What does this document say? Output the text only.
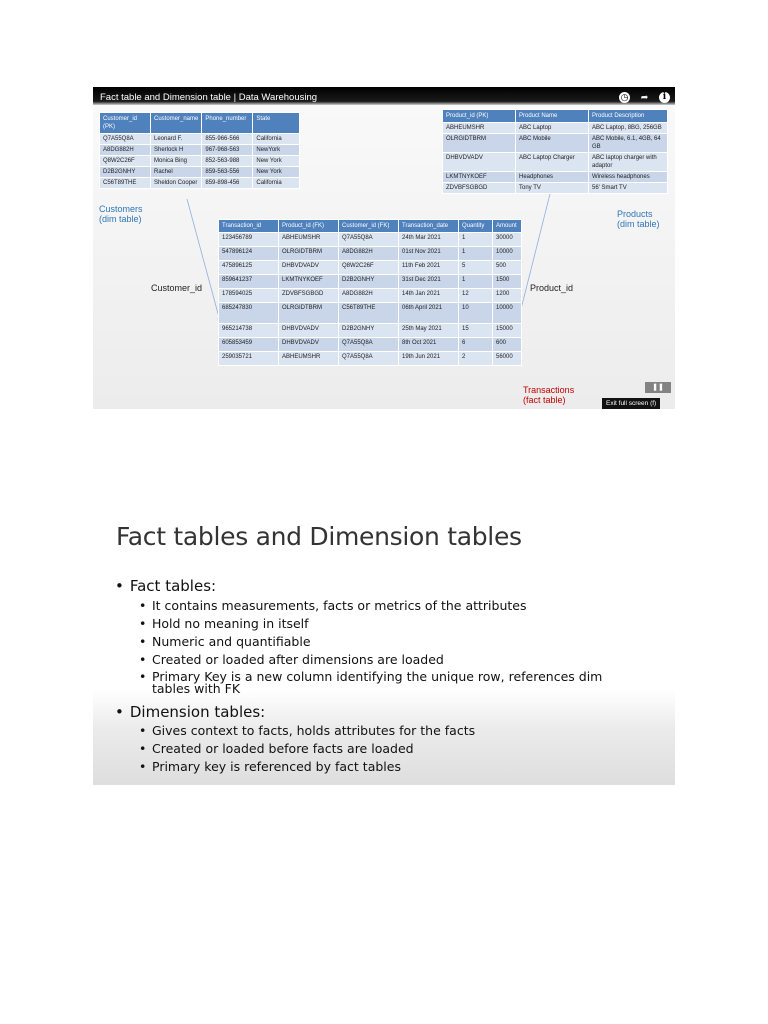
Fact table and Dimension table | Data Warehousing	◷ ➦	i
Customer_id (PK)	Customer_name	Phone_number	State
Q7A55Q8A	Leonard F.	855-966-566	California
A8DG882H	Sherlock H	967-968-563	NewYork
Q8W2C26F	Monica Bing	852-563-988	New York
D2B2GNHY	Rachel	859-563-556	New York
C56T89THE	Sheldon Cooper	859-898-456	California
Product_id (PK)	Product Name	Product Description
ABHEUMSHR	ABC Laptop	ABC Laptop, 8BG, 256GB
OLRGIDTBRM	ABC Mobile	ABC Mobile, 6.1, 4GB, 64 GB
DHBVDVADV	ABC Laptop Charger	ABC laptop charger with adaptor
LKMTNYKOEF	Headphones	Wireless headphones
ZDVBFSGBGD	Tony TV	56' Smart TV
Transaction_id	Product_id (FK)	Customer_id (FK)	Transaction_date	Quantity	Amount
123456789	ABHEUMSHR	Q7A55Q8A	24th Mar 2021	1	30000
547896124	OLRGIDTBRM	A8DG882H	01st Nov 2021	1	10000
475896125	DHBVDVADV	Q8W2C26F	11th Feb 2021	5	500
859641237	LKMTNYKOEF	D2B2GNHY	31st Dec 2021	1	1500
178594025	ZDVBFSGBGD	A8DG882H	14th Jan 2021	12	1200
685247830	OLRGIDTBRM	C56T89THE	06th April 2021	10	10000
965214738	DHBVDVADV	D2B2GNHY	25th May 2021	15	15000
605853459	DHBVDVADV	Q7A55Q8A	8th Oct 2021	6	600
259035721	ABHEUMSHR	Q7A55Q8A	19th Jun 2021	2	56000
Customers
(dim table)	Products
(dim table)
Transactions
(fact table)
Customer_id	Product_id
❚❚
Exit full screen (f)
Fact tables and Dimension tables
• Fact tables:
• It contains measurements, facts or metrics of the attributes
• Hold no meaning in itself
• Numeric and quantifiable
• Created or loaded after dimensions are loaded
• Primary Key is a new column identifying the unique row, references dim tables with FK
• Dimension tables:
• Gives context to facts, holds attributes for the facts
• Created or loaded before facts are loaded
• Primary key is referenced by fact tables
